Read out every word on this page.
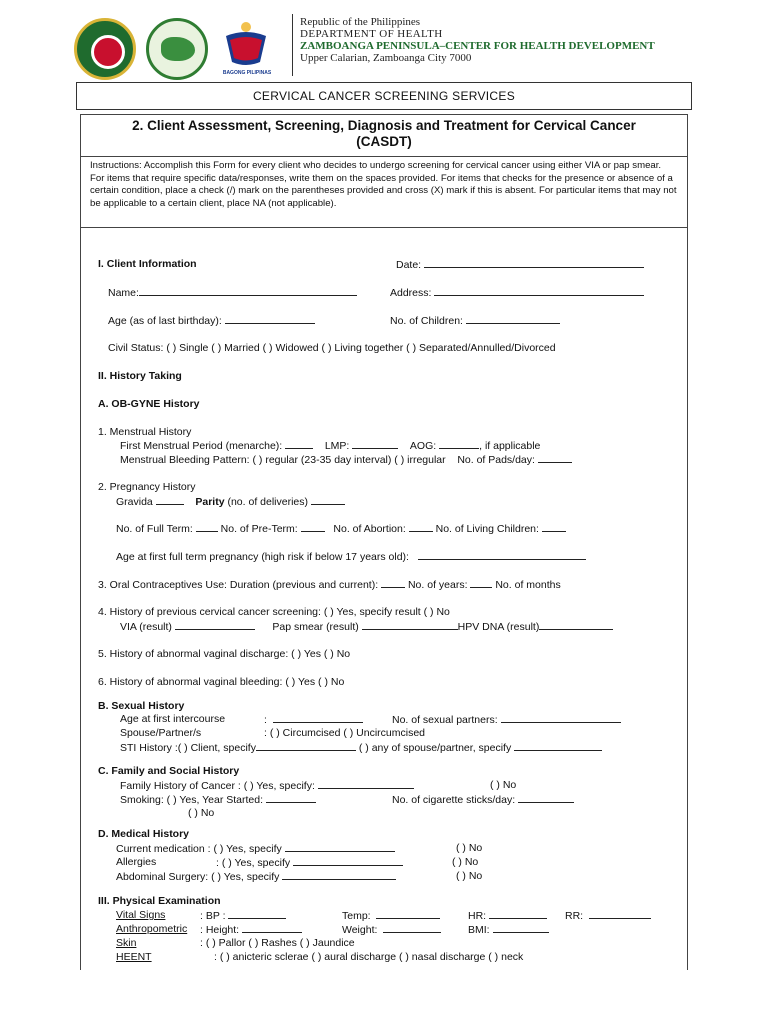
BAGONG PILIPINAS
Republic of the Philippines
DEPARTMENT OF HEALTH
ZAMBOANGA PENINSULA–CENTER FOR HEALTH DEVELOPMENT
Upper Calarian, Zamboanga City 7000
CERVICAL CANCER SCREENING SERVICES
2. Client Assessment, Screening, Diagnosis and Treatment for Cervical Cancer
(CASDT)
Instructions: Accomplish this Form for every client who decides to undergo screening for cervical cancer using either VIA or pap smear. For items that require specific data/responses, write them on the spaces provided. For items that checks for the presence or absence of a certain condition, place a check (/) mark on the parentheses provided and cross (X) mark if this is absent. For particular items that may not be applicable to a certain client, place NA (not applicable).
I. Client Information	Date:
Name:	Address:
Age (as of last birthday):	No. of Children:
Civil Status: ( ) Single ( ) Married ( ) Widowed ( ) Living together ( ) Separated/Annulled/Divorced
II. History Taking
A. OB-GYNE History
1. Menstrual History
First Menstrual Period (menarche):	LMP:	AOG:	, if applicable
Menstrual Bleeding Pattern: ( ) regular (23-35 day interval) ( ) irregular No. of Pads/day:
2. Pregnancy History
Gravida	Parity (no. of deliveries)
No. of Full Term:	No. of Pre-Term:	No. of Abortion:	No. of Living Children:
Age at first full term pregnancy (high risk if below 17 years old):
3. Oral Contraceptives Use: Duration (previous and current):	No. of years:	No. of months
4. History of previous cervical cancer screening: ( ) Yes, specify result ( ) No
VIA (result)	Pap smear (result)	HPV DNA (result)
5. History of abnormal vaginal discharge: ( ) Yes ( ) No
6. History of abnormal vaginal bleeding: ( ) Yes ( ) No
B. Sexual History
Age at first intercourse	:	No. of sexual partners:
Spouse/Partner/s	: ( ) Circumcised ( ) Uncircumcised
STI History :( ) Client, specify	( ) any of spouse/partner, specify
C. Family and Social History
Family History of Cancer : ( ) Yes, specify:	( ) No
Smoking: ( ) Yes, Year Started:	No. of cigarette sticks/day:
( ) No
D. Medical History
Current medication : ( ) Yes, specify	( ) No
Allergies	: ( ) Yes, specify	( ) No
Abdominal Surgery: ( ) Yes, specify	( ) No
III. Physical Examination
Vital Signs	: BP :	Temp:	HR:	RR:
Anthropometric : Height:	Weight:	BMI:
Skin	: ( ) Pallor ( ) Rashes ( ) Jaundice
HEENT	: ( ) anicteric sclerae ( ) aural discharge ( ) nasal discharge ( ) neck
